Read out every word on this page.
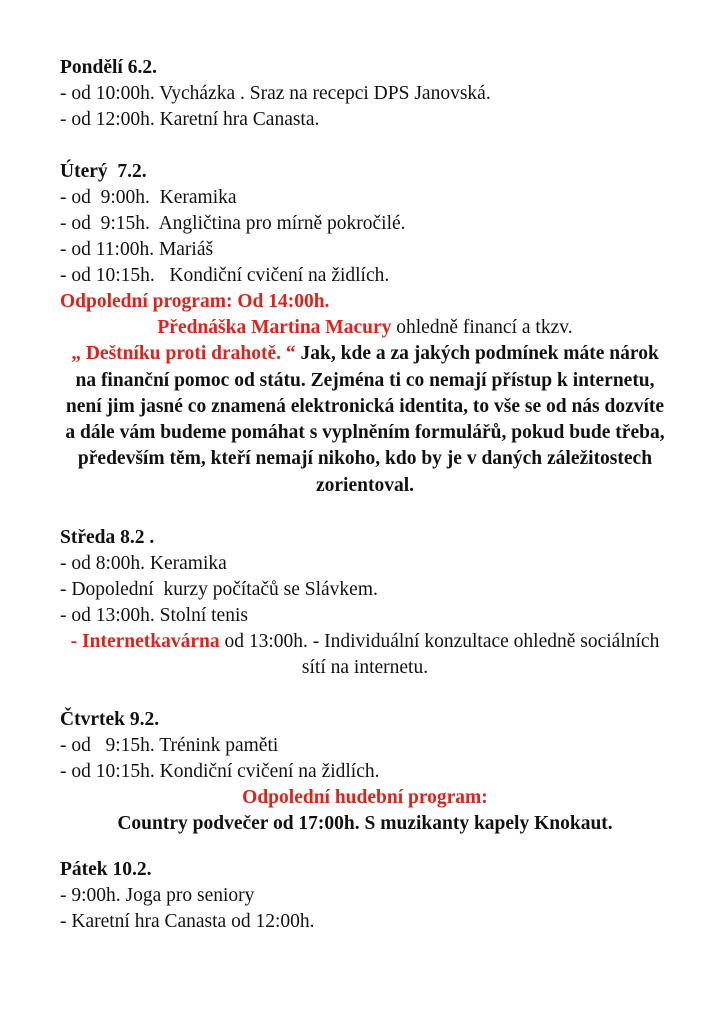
Pondělí 6.2.
- od 10:00h. Vycházka . Sraz na recepci DPS Janovská.
- od 12:00h. Karetní hra Canasta.
Úterý  7.2.
- od  9:00h.  Keramika
- od  9:15h.  Angličtina pro mírně pokročilé.
- od 11:00h. Mariáš
- od 10:15h.   Kondiční cvičení na židlích.
Odpolední program: Od 14:00h.
Přednáška Martina Macury ohledně financí a tkzv.
„ Deštníku proti drahotě. “ Jak, kde a za jakých podmínek máte nárok na finanční pomoc od státu. Zejména ti co nemají přístup k internetu, není jim jasné co znamená elektronická identita, to vše se od nás dozvíte a dále vám budeme pomáhat s vyplněním formulářů, pokud bude třeba, především těm, kteří nemají nikoho, kdo by je v daných záležitostech zorientoval.
Středa 8.2 .
- od 8:00h. Keramika
- Dopolední  kurzy počítačů se Slávkem.
- od 13:00h. Stolní tenis
- Internetkavárna od 13:00h. - Individuální konzultace ohledně sociálních sítí na internetu.
Čtvrtek 9.2.
- od   9:15h. Trénink paměti
- od 10:15h. Kondiční cvičení na židlích.
Odpolední hudební program:
Country podvečer od 17:00h. S muzikanty kapely Knokaut.
Pátek 10.2.
- 9:00h. Joga pro seniory
- Karetní hra Canasta od 12:00h.
